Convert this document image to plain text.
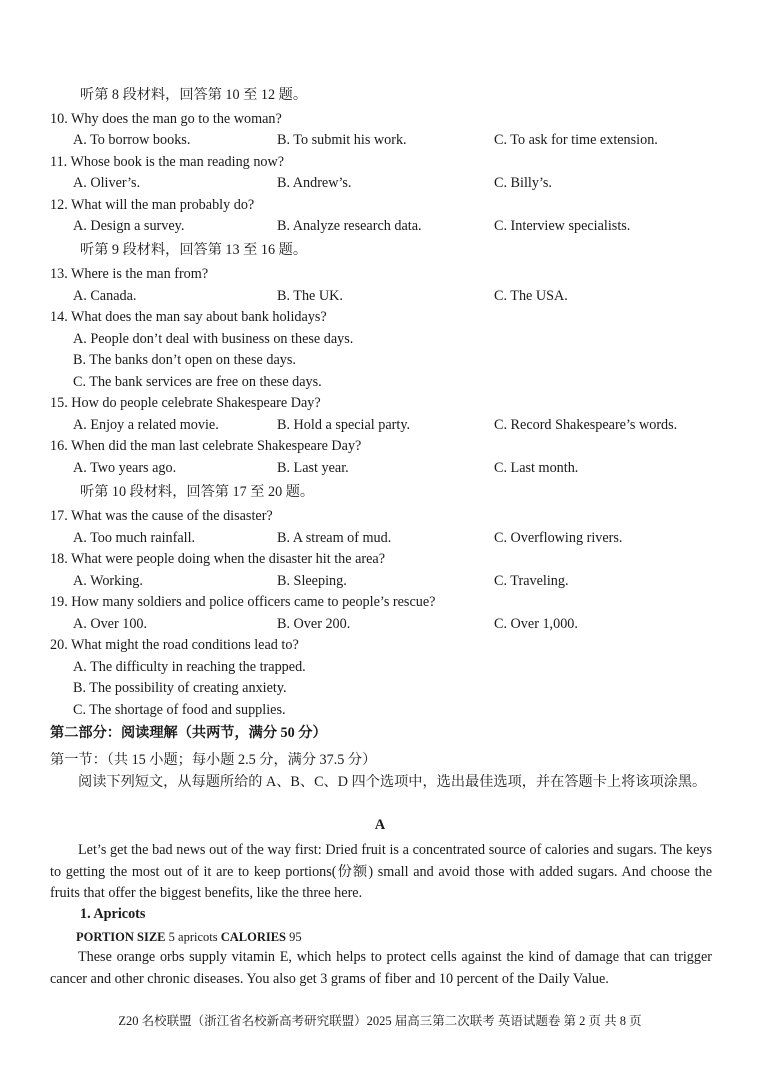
听第 8 段材料，回答第 10 至 12 题。
10. Why does the man go to the woman?
A. To borrow books.	B. To submit his work.	C. To ask for time extension.
11. Whose book is the man reading now?
A. Oliver’s.	B. Andrew’s.	C. Billy’s.
12. What will the man probably do?
A. Design a survey.	B. Analyze research data.	C. Interview specialists.
听第 9 段材料，回答第 13 至 16 题。
13. Where is the man from?
A. Canada.	B. The UK.	C. The USA.
14. What does the man say about bank holidays?
A. People don’t deal with business on these days.
B. The banks don’t open on these days.
C. The bank services are free on these days.
15. How do people celebrate Shakespeare Day?
A. Enjoy a related movie.	B. Hold a special party.	C. Record Shakespeare’s words.
16. When did the man last celebrate Shakespeare Day?
A. Two years ago.	B. Last year.	C. Last month.
听第 10 段材料，回答第 17 至 20 题。
17. What was the cause of the disaster?
A. Too much rainfall.	B. A stream of mud.	C. Overflowing rivers.
18. What were people doing when the disaster hit the area?
A. Working.	B. Sleeping.	C. Traveling.
19. How many soldiers and police officers came to people’s rescue?
A. Over 100.	B. Over 200.	C. Over 1,000.
20. What might the road conditions lead to?
A. The difficulty in reaching the trapped.
B. The possibility of creating anxiety.
C. The shortage of food and supplies.
第二部分：阅读理解（共两节，满分 50 分）
第一节：（共 15 小题；每小题 2.5 分，满分 37.5 分）
阅读下列短文，从每题所给的 A、B、C、D 四个选项中，选出最佳选项，并在答题卡上将该项涂黑。
A
Let’s get the bad news out of the way first: Dried fruit is a concentrated source of calories and sugars. The keys to getting the most out of it are to keep portions(份额) small and avoid those with added sugars. And choose the fruits that offer the biggest benefits, like the three here.
1. Apricots
PORTION SIZE 5 apricots CALORIES 95
These orange orbs supply vitamin E, which helps to protect cells against the kind of damage that can trigger cancer and other chronic diseases. You also get 3 grams of fiber and 10 percent of the Daily Value.
Z20 名校联盟（浙江省名校新高考研究联盟）2025 届高三第二次联考 英语试题卷 第 2 页 共 8 页
